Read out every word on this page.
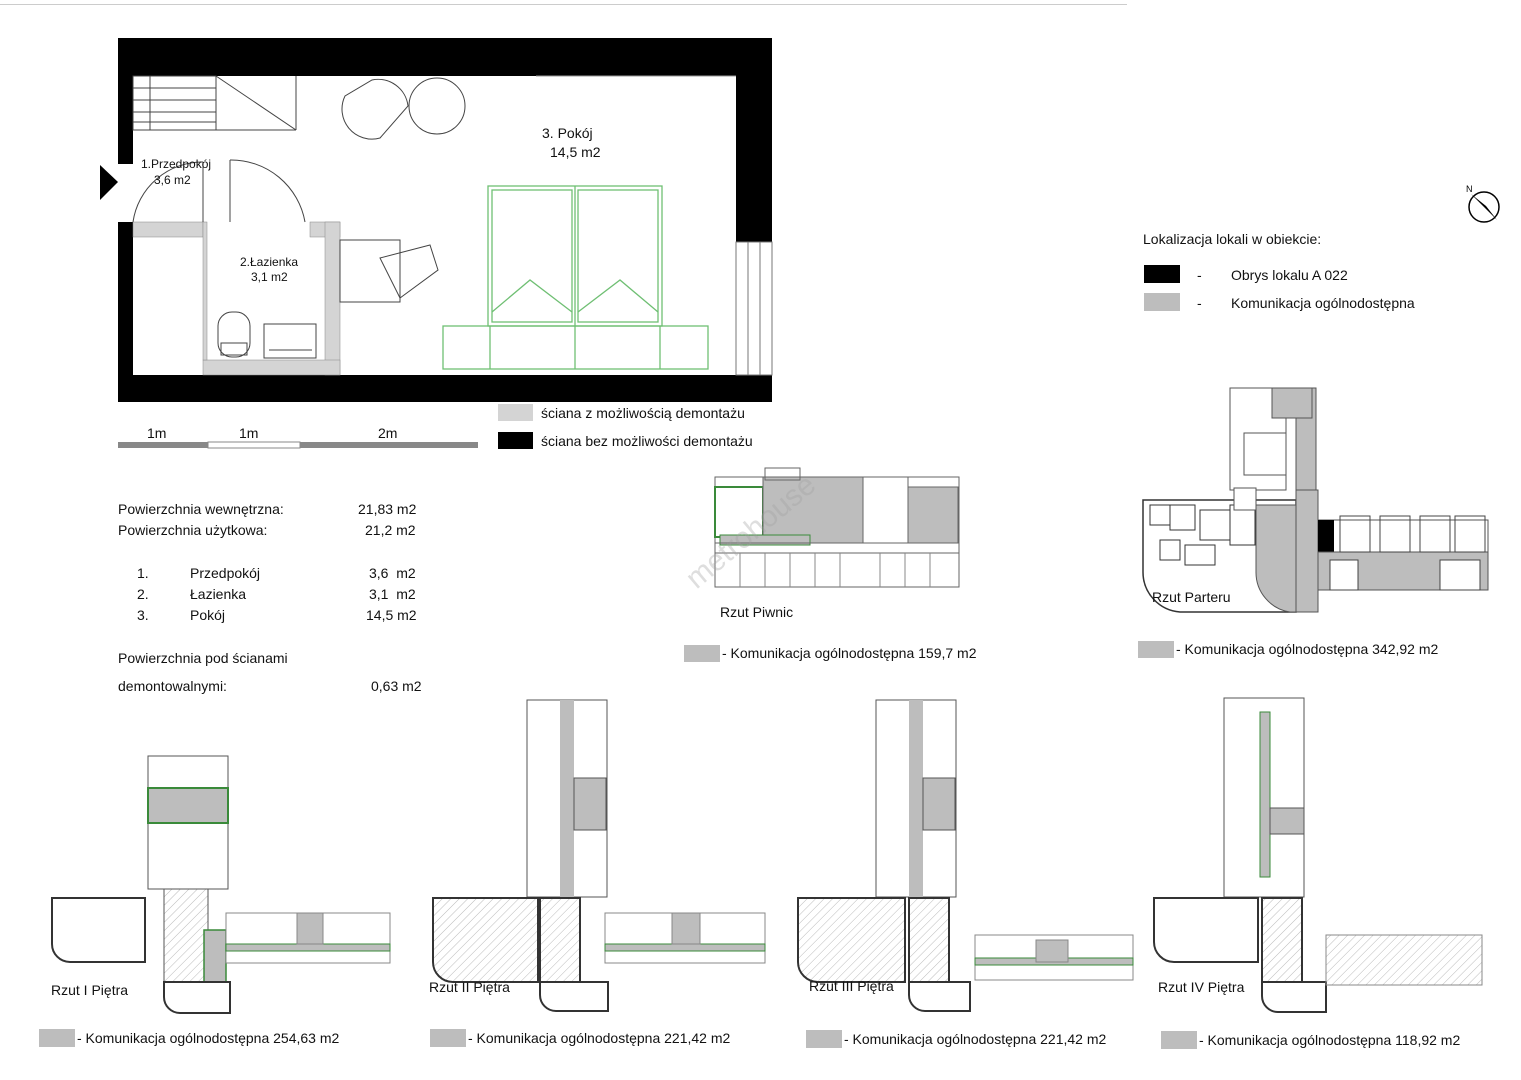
1.Przedpokój
3,6 m2
2.Łazienka
3,1 m2
3. Pokój
14,5 m2
1m	1m	2m
ściana z możliwością demontażu
ściana bez możliwości demontażu
Powierzchnia wewnętrzna:	21,83 m2
Powierzchnia użytkowa:	21,2 m2
1.	Przedpokój	3,6  m2
2.	Łazienka	3,1  m2
3.	Pokój	14,5 m2
Powierzchnia pod ścianami
demontowalnymi:	0,63 m2
N
Lokalizacja lokali w obiekcie:
- Obrys lokalu A 022
- Komunikacja ogólnodostępna
metrohouse
Rzut Piwnic
- Komunikacja ogólnodostępna 159,7 m2
Rzut Parteru
- Komunikacja ogólnodostępna 342,92 m2
Rzut I Piętra
- Komunikacja ogólnodostępna 254,63 m2
Rzut II Piętra
- Komunikacja ogólnodostępna 221,42 m2
Rzut III Piętra
- Komunikacja ogólnodostępna 221,42 m2
Rzut IV Piętra
- Komunikacja ogólnodostępna 118,92 m2
